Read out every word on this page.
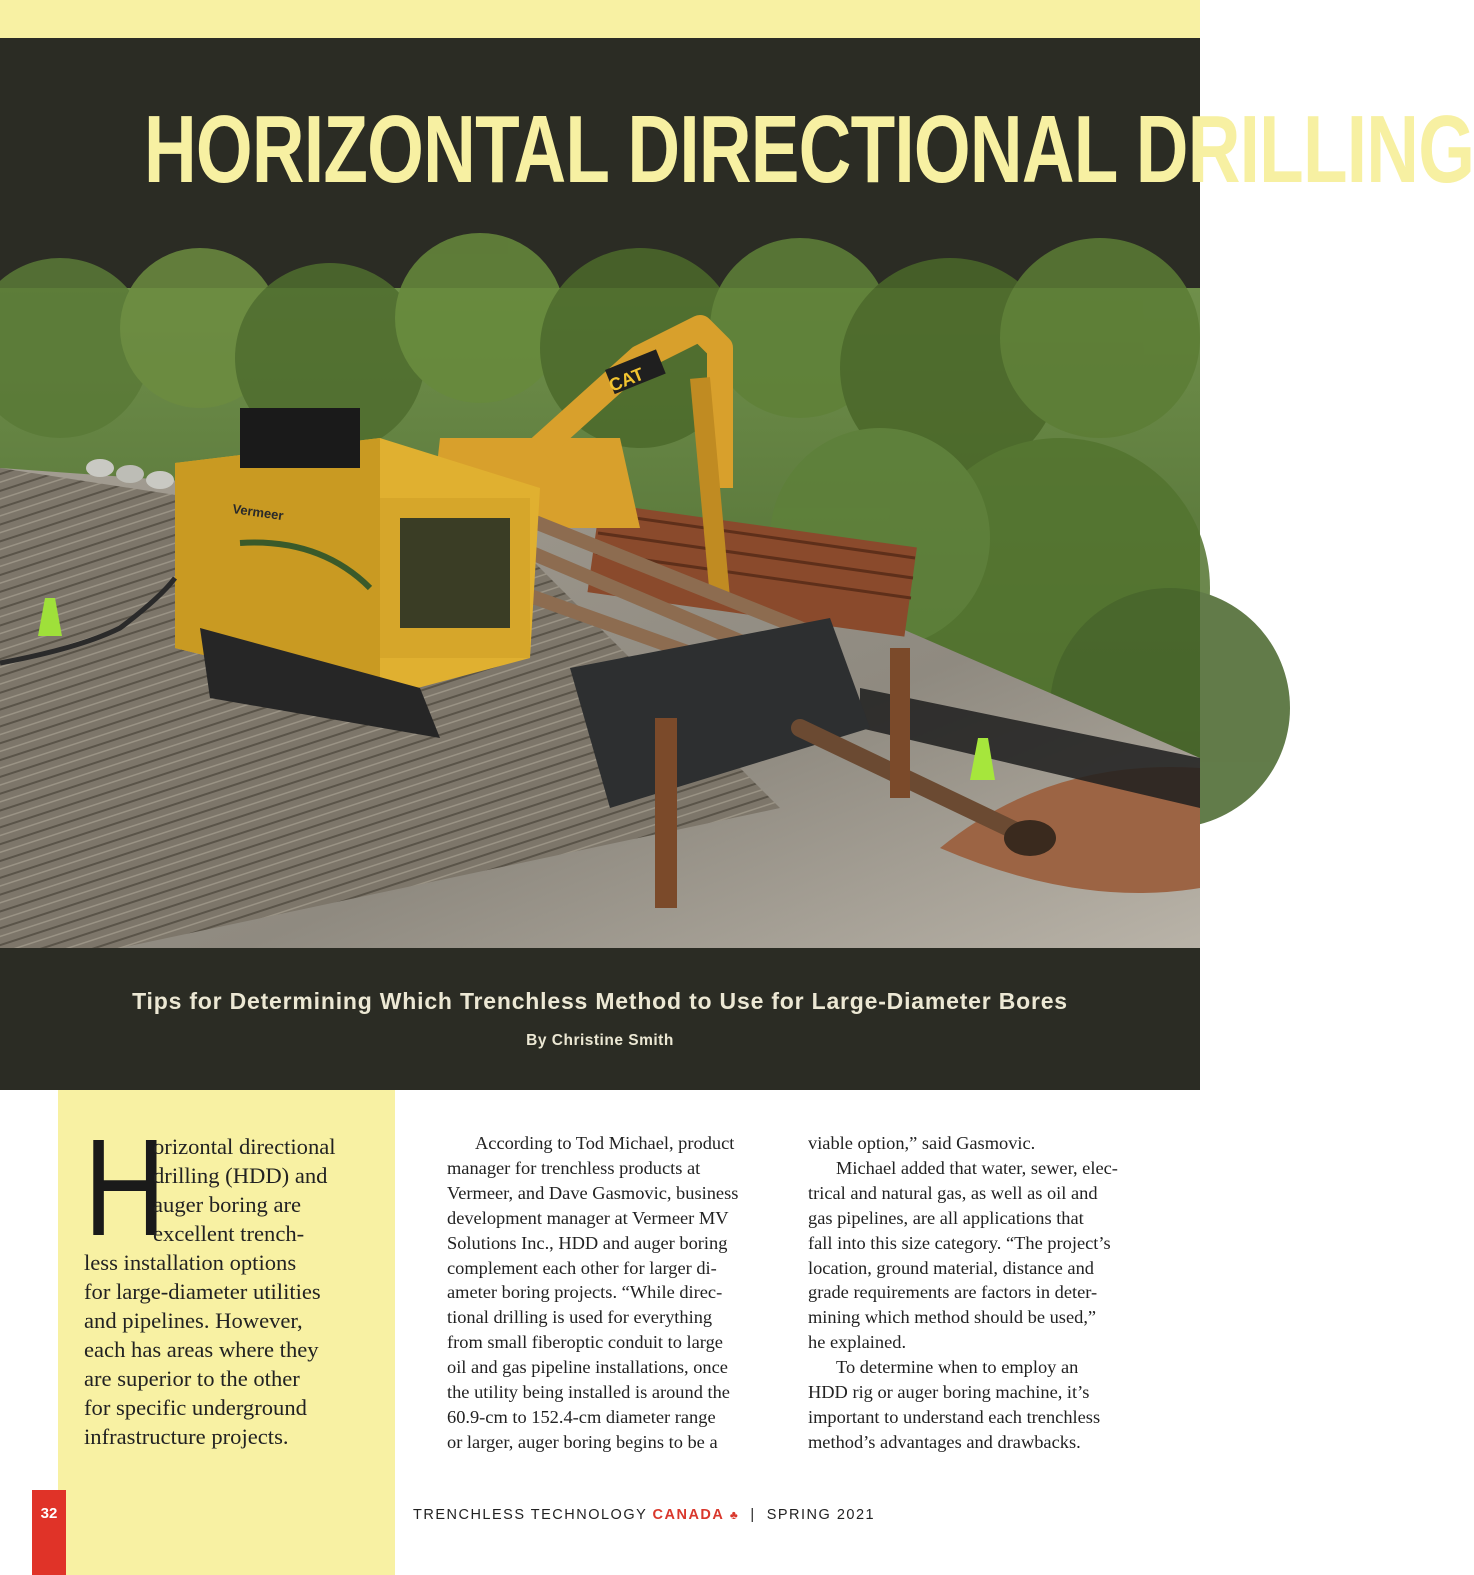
HORIZONTAL DIRECTIONAL DRILLING
CAT
Vermeer
Tips for Determining Which Trenchless Method to Use for Large-Diameter Bores

By Christine Smith

H
orizontal directional
drilling (HDD) and
auger boring are
excellent trench-
less installation options
for large-diameter utilities
and pipelines. However,
each has areas where they
are superior to the other
for specific underground
infrastructure projects.
According to Tod Michael, product
manager for trenchless products at
Vermeer, and Dave Gasmovic, business
development manager at Vermeer MV
Solutions Inc., HDD and auger boring
complement each other for larger di-
ameter boring projects. “While direc-
tional drilling is used for everything
from small fiberoptic conduit to large
oil and gas pipeline installations, once
the utility being installed is around the
60.9-cm to 152.4-cm diameter range
or larger, auger boring begins to be a
viable option,” said Gasmovic.
Michael added that water, sewer, elec-
trical and natural gas, as well as oil and
gas pipelines, are all applications that
fall into this size category. “The project’s
location, ground material, distance and
grade requirements are factors in deter-
mining which method should be used,”
he explained.
To determine when to employ an
HDD rig or auger boring machine, it’s
important to understand each trenchless
method’s advantages and drawbacks.
32	TRENCHLESS TECHNOLOGY CANADA ♣ | SPRING 2021
